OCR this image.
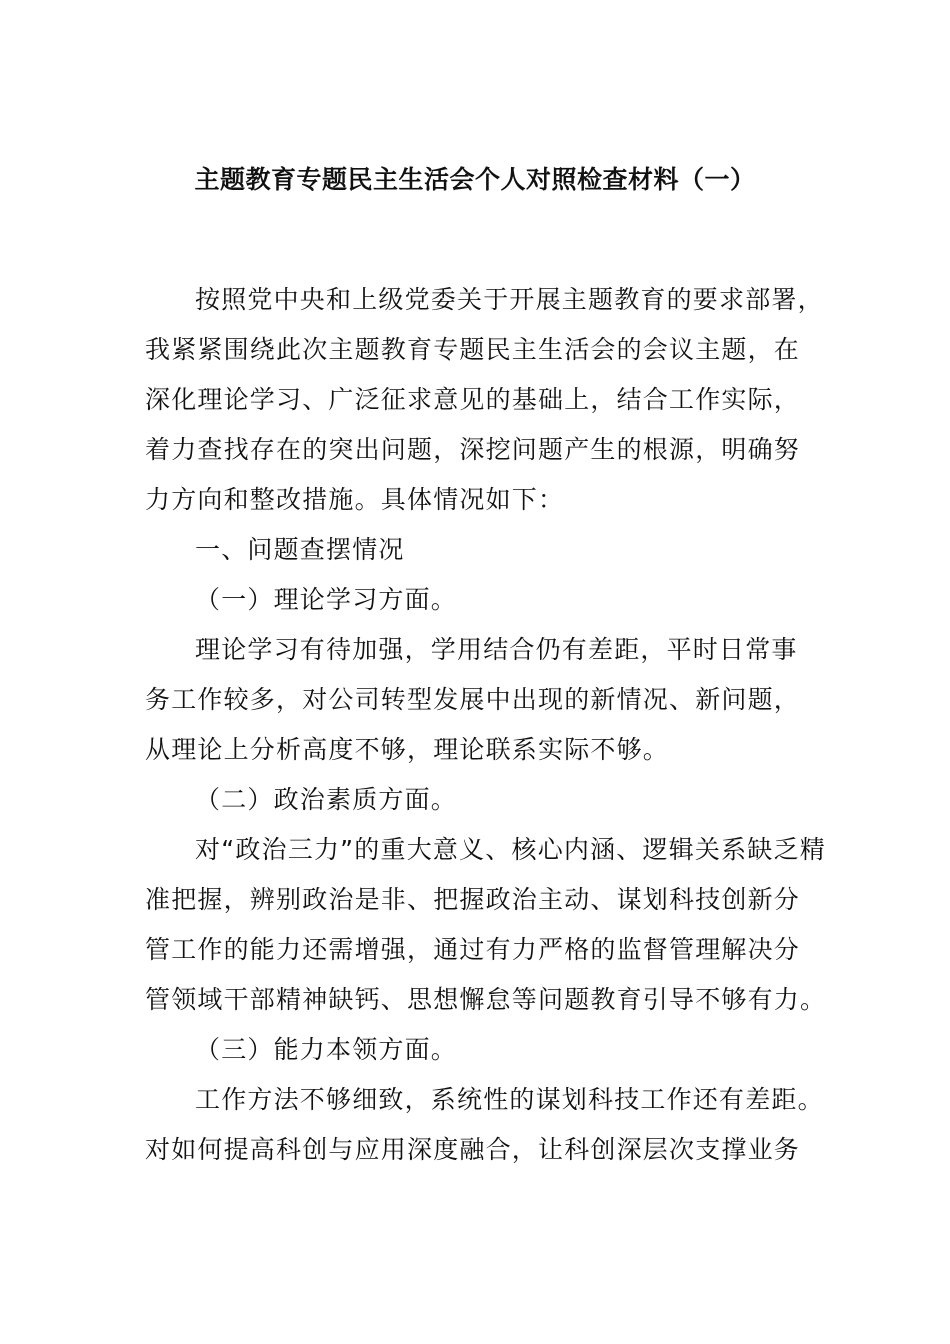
主题教育专题民主生活会个人对照检查材料（一）
按照党中央和上级党委关于开展主题教育的要求部署，
我紧紧围绕此次主题教育专题民主生活会的会议主题，在
深化理论学习、广泛征求意见的基础上，结合工作实际，
着力查找存在的突出问题，深挖问题产生的根源，明确努
力方向和整改措施。具体情况如下：
一、问题查摆情况
（一）理论学习方面。
理论学习有待加强，学用结合仍有差距，平时日常事
务工作较多，对公司转型发展中出现的新情况、新问题，
从理论上分析高度不够，理论联系实际不够。
（二）政治素质方面。
对“政治三力”的重大意义、核心内涵、逻辑关系缺乏精
准把握，辨别政治是非、把握政治主动、谋划科技创新分
管工作的能力还需增强，通过有力严格的监督管理解决分
管领域干部精神缺钙、思想懈怠等问题教育引导不够有力。
（三）能力本领方面。
工作方法不够细致，系统性的谋划科技工作还有差距。
对如何提高科创与应用深度融合，让科创深层次支撑业务
